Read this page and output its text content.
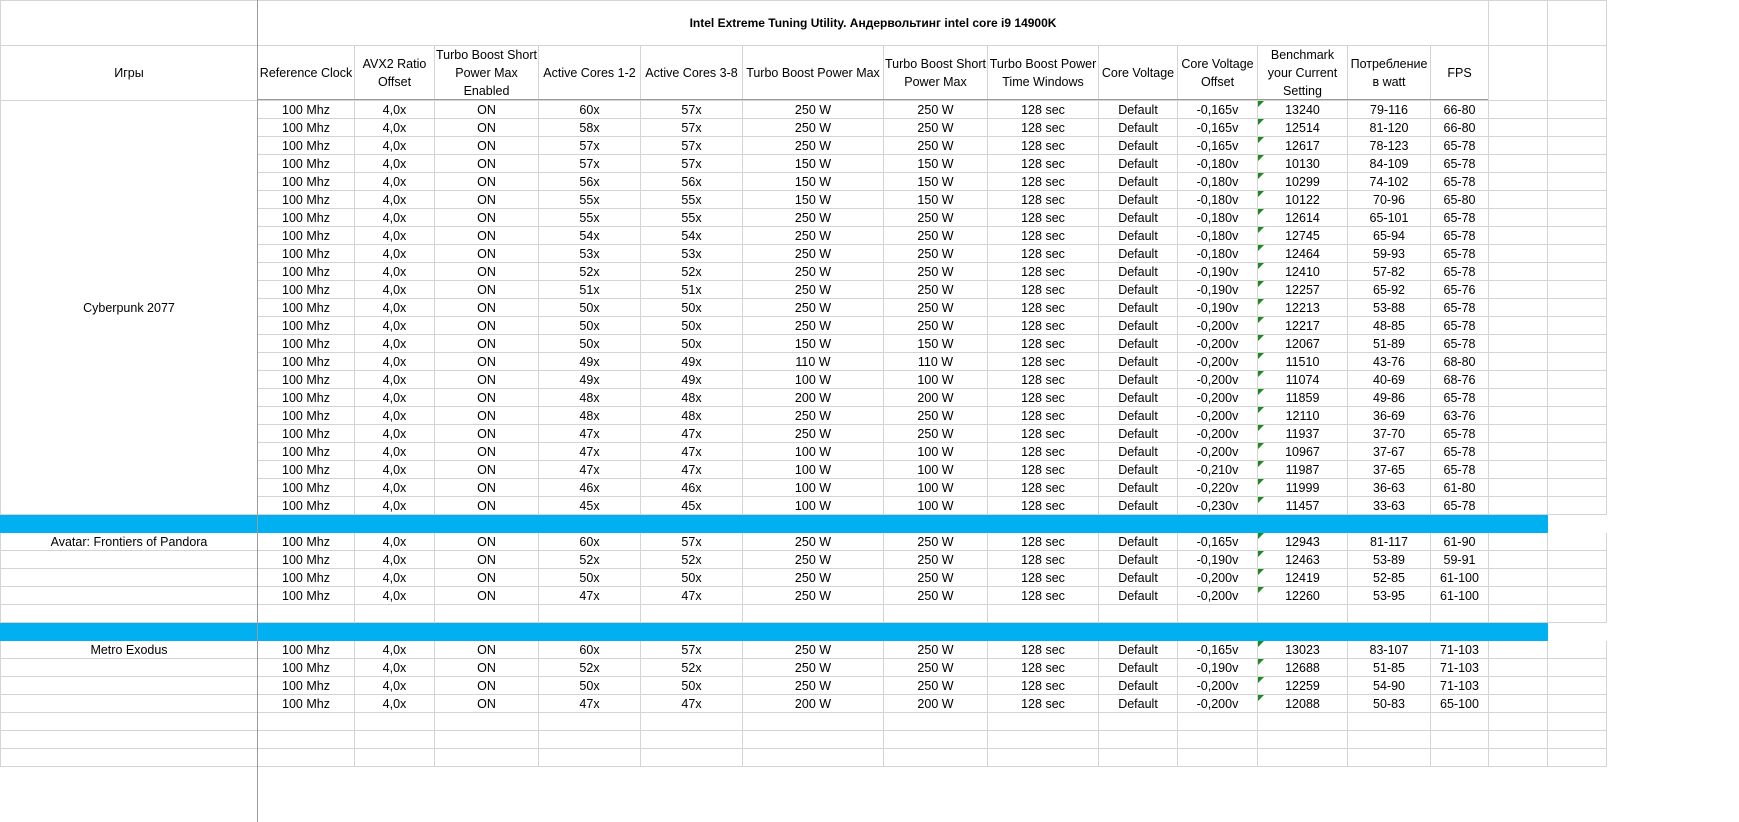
	Intel Extreme Tuning Utility. Андервольтинг intel core i9 14900K														
Игры	Reference Clock	AVX2 Ratio Offset	Turbo Boost Short Power Max Enabled	Active Cores 1-2	Active Cores 3-8	Turbo Boost Power Max	Turbo Boost Short Power Max	Turbo Boost Power Time Windows	Core Voltage	Core Voltage Offset	Benchmark your Current Setting	Потребление в watt	FPS		
Cyberpunk 2077	100 Mhz	4,0x	ON	60x	57x	250 W	250 W	128 sec	Default	-0,165v	13240	79-116	66-80		
	100 Mhz	4,0x	ON	58x	57x	250 W	250 W	128 sec	Default	-0,165v	12514	81-120	66-80		
	100 Mhz	4,0x	ON	57x	57x	250 W	250 W	128 sec	Default	-0,165v	12617	78-123	65-78		
	100 Mhz	4,0x	ON	57x	57x	150 W	150 W	128 sec	Default	-0,180v	10130	84-109	65-78		
	100 Mhz	4,0x	ON	56x	56x	150 W	150 W	128 sec	Default	-0,180v	10299	74-102	65-78		
	100 Mhz	4,0x	ON	55x	55x	150 W	150 W	128 sec	Default	-0,180v	10122	70-96	65-80		
	100 Mhz	4,0x	ON	55x	55x	250 W	250 W	128 sec	Default	-0,180v	12614	65-101	65-78		
	100 Mhz	4,0x	ON	54x	54x	250 W	250 W	128 sec	Default	-0,180v	12745	65-94	65-78		
	100 Mhz	4,0x	ON	53x	53x	250 W	250 W	128 sec	Default	-0,180v	12464	59-93	65-78		
	100 Mhz	4,0x	ON	52x	52x	250 W	250 W	128 sec	Default	-0,190v	12410	57-82	65-78		
	100 Mhz	4,0x	ON	51x	51x	250 W	250 W	128 sec	Default	-0,190v	12257	65-92	65-76		
	100 Mhz	4,0x	ON	50x	50x	250 W	250 W	128 sec	Default	-0,190v	12213	53-88	65-78		
	100 Mhz	4,0x	ON	50x	50x	250 W	250 W	128 sec	Default	-0,200v	12217	48-85	65-78		
	100 Mhz	4,0x	ON	50x	50x	150 W	150 W	128 sec	Default	-0,200v	12067	51-89	65-78		
	100 Mhz	4,0x	ON	49x	49x	110 W	110 W	128 sec	Default	-0,200v	11510	43-76	68-80		
	100 Mhz	4,0x	ON	49x	49x	100 W	100 W	128 sec	Default	-0,200v	11074	40-69	68-76		
	100 Mhz	4,0x	ON	48x	48x	200 W	200 W	128 sec	Default	-0,200v	11859	49-86	65-78		
	100 Mhz	4,0x	ON	48x	48x	250 W	250 W	128 sec	Default	-0,200v	12110	36-69	63-76		
	100 Mhz	4,0x	ON	47x	47x	250 W	250 W	128 sec	Default	-0,200v	11937	37-70	65-78		
	100 Mhz	4,0x	ON	47x	47x	100 W	100 W	128 sec	Default	-0,200v	10967	37-67	65-78		
	100 Mhz	4,0x	ON	47x	47x	100 W	100 W	128 sec	Default	-0,210v	11987	37-65	65-78		
	100 Mhz	4,0x	ON	46x	46x	100 W	100 W	128 sec	Default	-0,220v	11999	36-63	61-80		
	100 Mhz	4,0x	ON	45x	45x	100 W	100 W	128 sec	Default	-0,230v	11457	33-63	65-78		

Avatar: Frontiers of Pandora	100 Mhz	4,0x	ON	60x	57x	250 W	250 W	128 sec	Default	-0,165v	12943	81-117	61-90		
	100 Mhz	4,0x	ON	52x	52x	250 W	250 W	128 sec	Default	-0,190v	12463	53-89	59-91		
	100 Mhz	4,0x	ON	50x	50x	250 W	250 W	128 sec	Default	-0,200v	12419	52-85	61-100		
	100 Mhz	4,0x	ON	47x	47x	250 W	250 W	128 sec	Default	-0,200v	12260	53-95	61-100		

Metro Exodus	100 Mhz	4,0x	ON	60x	57x	250 W	250 W	128 sec	Default	-0,165v	13023	83-107	71-103		
	100 Mhz	4,0x	ON	52x	52x	250 W	250 W	128 sec	Default	-0,190v	12688	51-85	71-103		
	100 Mhz	4,0x	ON	50x	50x	250 W	250 W	128 sec	Default	-0,200v	12259	54-90	71-103		
	100 Mhz	4,0x	ON	47x	47x	200 W	200 W	128 sec	Default	-0,200v	12088	50-83	65-100		
